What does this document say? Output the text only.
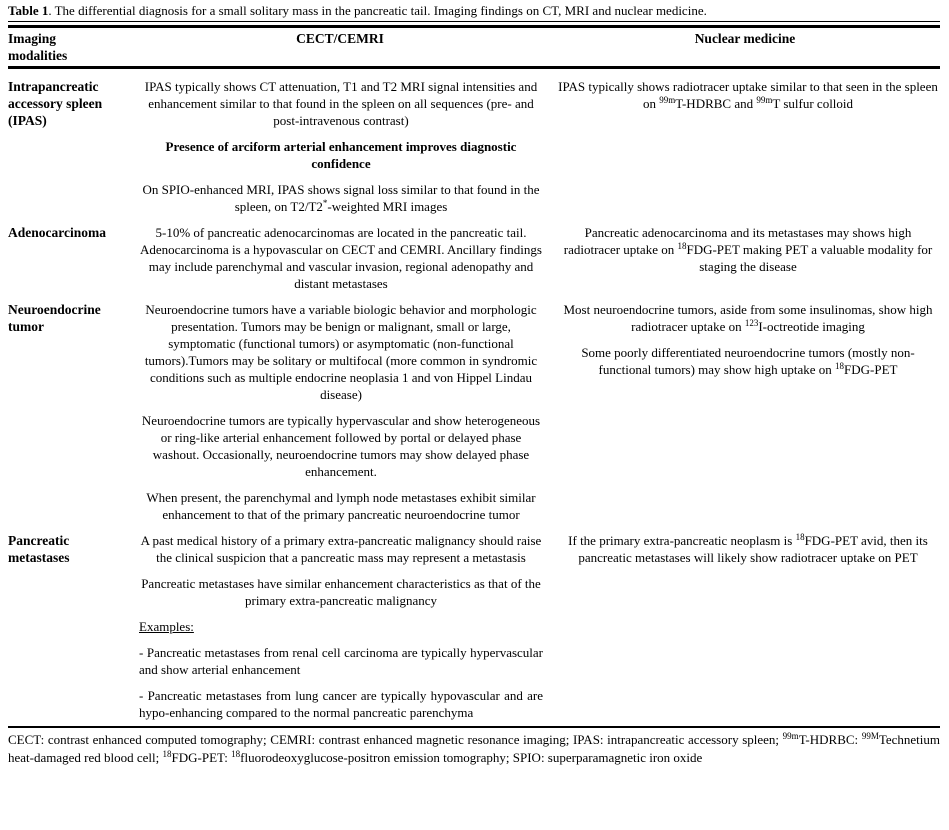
Table 1. The differential diagnosis for a small solitary mass in the pancreatic tail. Imaging findings on CT, MRI and nuclear medicine.
Imaging modalities
CECT/CEMRI	Nuclear medicine
Intrapancreatic accessory spleen (IPAS)

IPAS typically shows CT attenuation, T1 and T2 MRI signal intensities and enhancement similar to that found in the spleen on all sequences (pre- and post-intravenous contrast)

Presence of arciform arterial enhancement improves diagnostic confidence

On SPIO-enhanced MRI, IPAS shows signal loss similar to that found in the spleen, on T2/T2*-weighted MRI images

IPAS typically shows radiotracer uptake similar to that seen in the spleen on $^{99m}$T-HDRBC and $^{99m}$T sulfur colloid

Adenocarcinoma	5-10% of pancreatic adenocarcinomas are located in the pancreatic tail. Adenocarcinoma is a hypovascular on CECT and CEMRI. Ancillary findings may include parenchymal and vascular invasion, regional adenopathy and distant metastases

Pancreatic adenocarcinoma and its metastases may shows high radiotracer uptake on $^{18}$FDG-PET making PET a valuable modality for staging the disease

Neuroendocrine tumor

Neuroendocrine tumors have a variable biologic behavior and morphologic presentation. Tumors may be benign or malignant, small or large, symptomatic (functional tumors) or asymptomatic (non-functional tumors).Tumors may be solitary or multifocal (more common in syndromic conditions such as multiple endocrine neoplasia 1 and von Hippel Lindau disease)

Neuroendocrine tumors are typically hypervascular and show heterogeneous or ring-like arterial enhancement followed by portal or delayed phase washout. Occasionally, neuroendocrine tumors may show delayed phase enhancement.

When present, the parenchymal and lymph node metastases exhibit similar enhancement to that of the primary pancreatic neuroendocrine tumor

Most neuroendocrine tumors, aside from some insulinomas, show high radiotracer uptake on $^{123}$I-octreotide imaging

Some poorly differentiated neuroendocrine tumors (mostly non-functional tumors) may show high uptake on $^{18}$FDG-PET

Pancreatic metastases

A past medical history of a primary extra-pancreatic malignancy should raise the clinical suspicion that a pancreatic mass may represent a metastasis

Pancreatic metastases have similar enhancement characteristics as that of the primary extra-pancreatic malignancy

Examples:

- Pancreatic metastases from renal cell carcinoma are typically hypervascular and show arterial enhancement

- Pancreatic metastases from lung cancer are typically hypovascular and are hypo-enhancing compared to the normal pancreatic parenchyma

If the primary extra-pancreatic neoplasm is $^{18}$FDG-PET avid, then its pancreatic metastases will likely show radiotracer uptake on PET

CECT: contrast enhanced computed tomography; CEMRI: contrast enhanced magnetic resonance imaging; IPAS: intrapancreatic accessory spleen; $^{99m}$T-HDRBC: $^{99M}$Technetium heat-damaged red blood cell; $^{18}$FDG-PET: $^{18}$fluorodeoxyglucose-positron emission tomography; SPIO: superparamagnetic iron oxide
